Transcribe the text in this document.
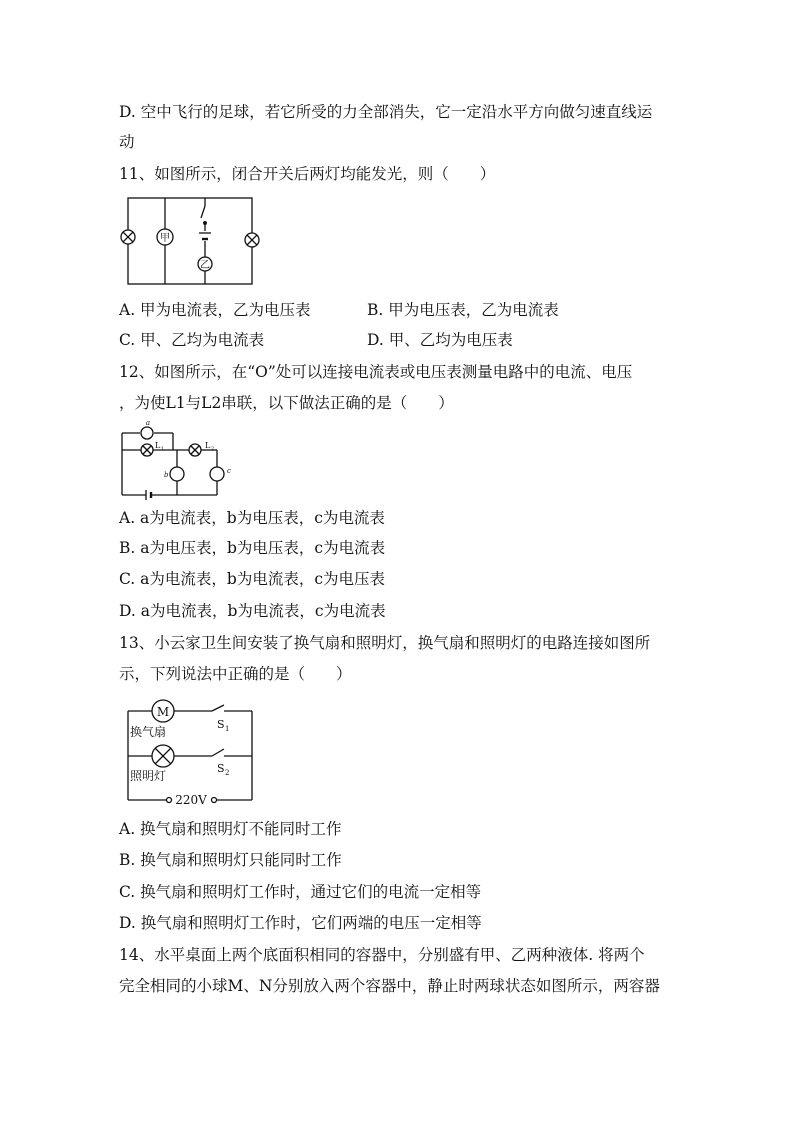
D. 空中飞行的足球，若它所受的力全部消失，它一定沿水平方向做匀速直线运
动
11、如图所示，闭合开关后两灯均能发光，则（　　）
甲
乙
A. 甲为电流表，乙为电压表	B. 甲为电压表，乙为电流表
C. 甲、乙均为电流表	D. 甲、乙均为电压表
12、如图所示，在“O”处可以连接电流表或电压表测量电路中的电流、电压
，为使L1与L2串联，以下做法正确的是（　　）
a
L 1	L 2
b	c
A. a为电流表，b为电压表，c为电流表
B. a为电压表，b为电压表，c为电流表
C. a为电流表，b为电流表，c为电压表
D. a为电流表，b为电流表，c为电流表
13、小云家卫生间安装了换气扇和照明灯，换气扇和照明灯的电路连接如图所
示，下列说法中正确的是（　　）
M
换气扇
S 1
照明灯
S 2
220V
A. 换气扇和照明灯不能同时工作
B. 换气扇和照明灯只能同时工作
C. 换气扇和照明灯工作时，通过它们的电流一定相等
D. 换气扇和照明灯工作时，它们两端的电压一定相等
14、水平桌面上两个底面积相同的容器中，分别盛有甲、乙两种液体. 将两个
完全相同的小球M、N分别放入两个容器中，静止时两球状态如图所示，两容器
